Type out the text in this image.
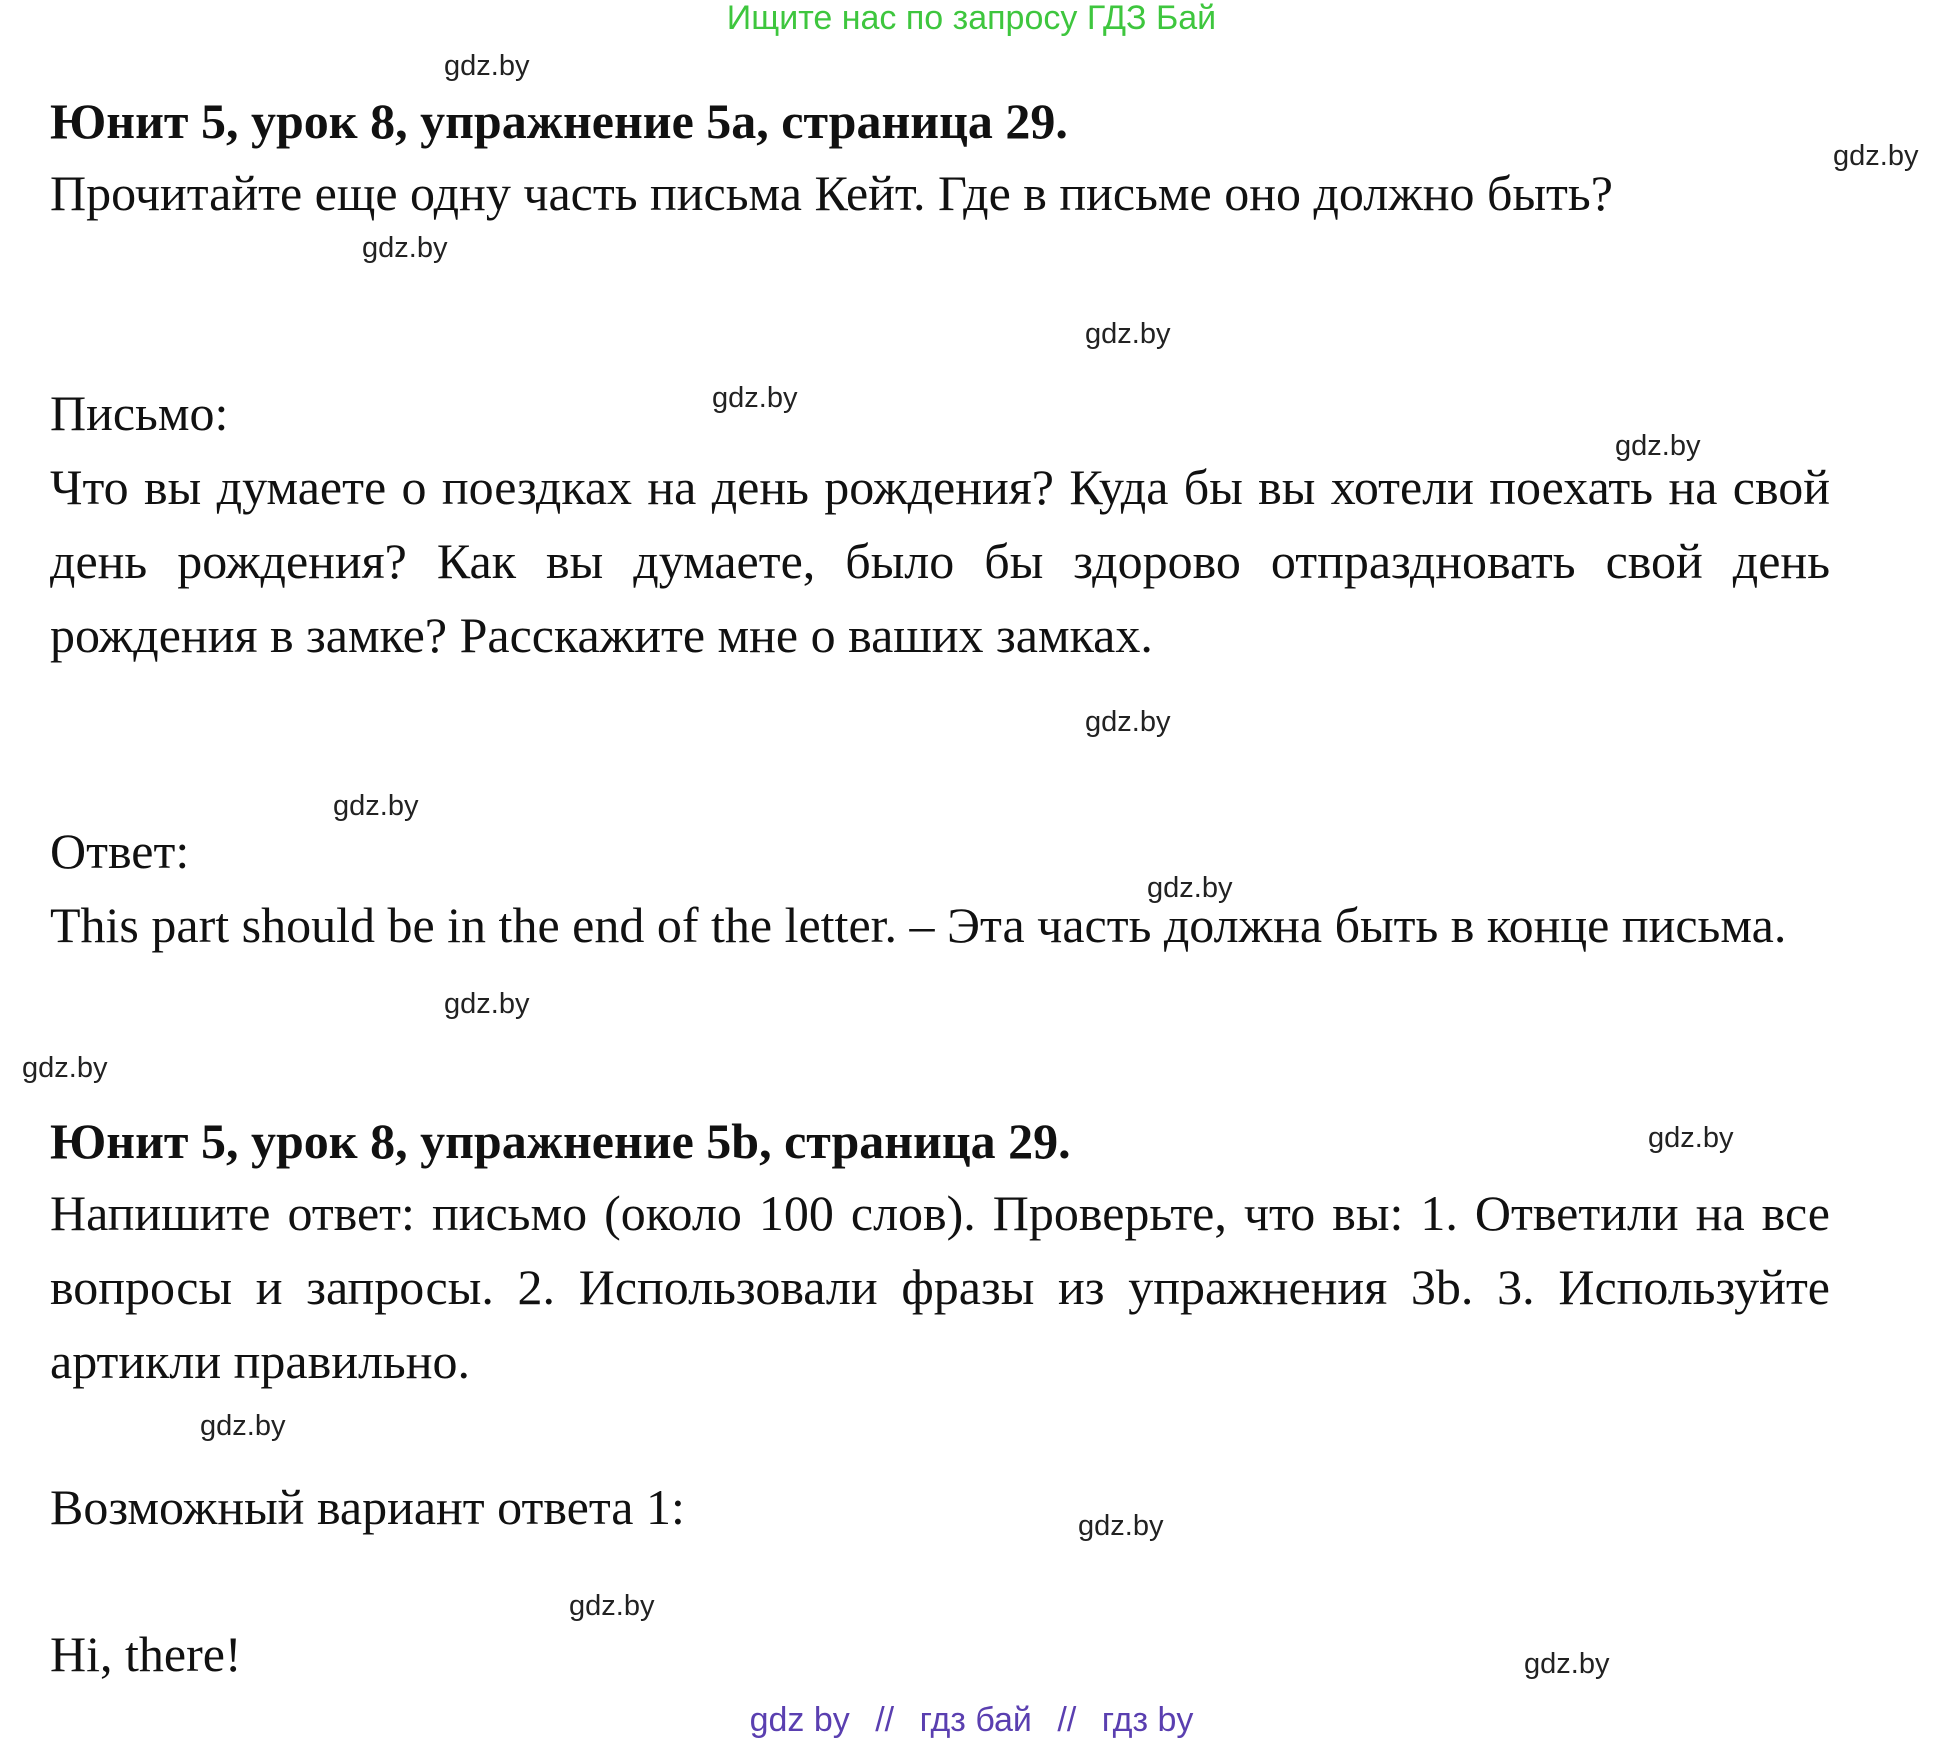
Ищите нас по запросу ГДЗ Бай
gdz.by
gdz.by
gdz.by
gdz.by
gdz.by
gdz.by
gdz.by
gdz.by
gdz.by
gdz.by
gdz.by
gdz.by
gdz.by
gdz.by
gdz.by
gdz.by
Юнит 5, урок 8, упражнение 5a, страница 29.
Прочитайте еще одну часть письма Кейт. Где в письме оно должно быть?
Письмо:
Что вы думаете о поездках на день рождения? Куда бы вы хотели поехать на свой день рождения? Как вы думаете, было бы здорово отпраздновать свой день рождения в замке? Расскажите мне о ваших замках.
Ответ:
This part should be in the end of the letter. – Эта часть должна быть в конце письма.
Юнит 5, урок 8, упражнение 5b, страница 29.
Напишите ответ: письмо (около 100 слов). Проверьте, что вы: 1. Ответили на все вопросы и запросы. 2. Использовали фразы из упражнения 3b. 3. Используйте артикли правильно.
Возможный вариант ответа 1:
Hi, there!
gdz by // гдз бай // гдз by
